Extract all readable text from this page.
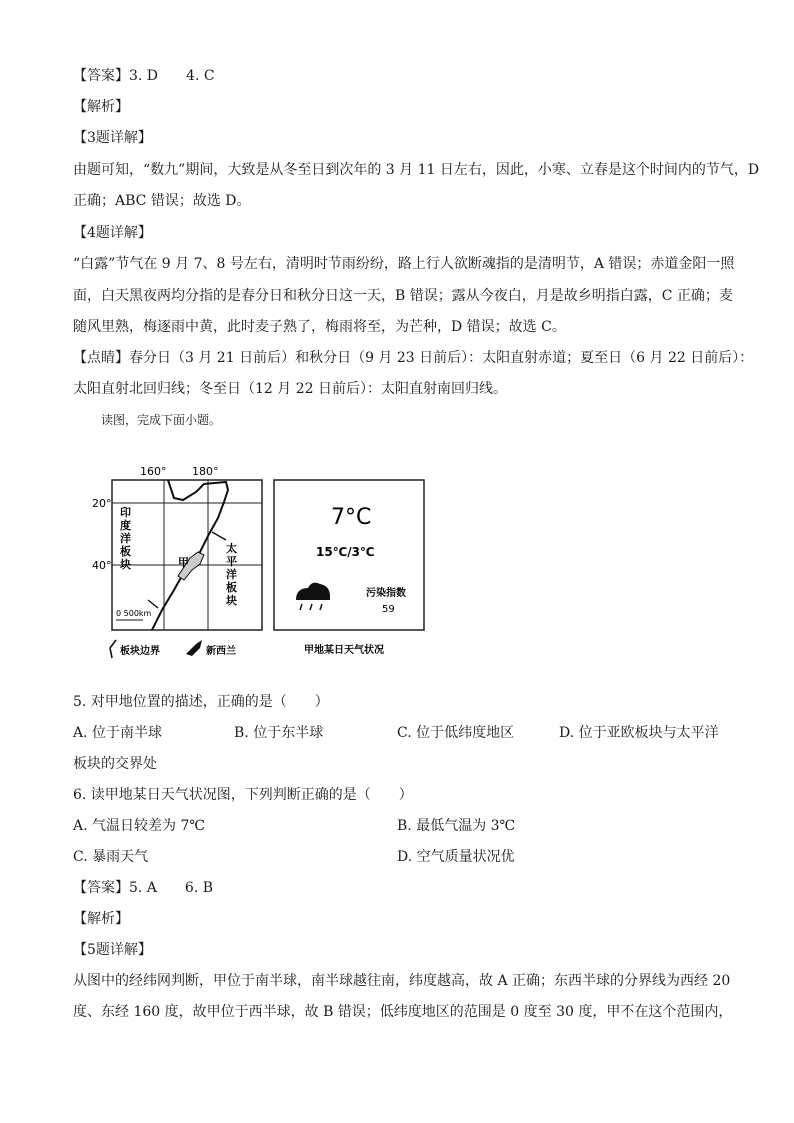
【答案】3. D　　4. C
【解析】
【3题详解】
由题可知，“数九”期间，大致是从冬至日到次年的 3 月 11 日左右，因此，小寒、立春是这个时间内的节气，D
正确；ABC 错误；故选 D。
【4题详解】
“白露”节气在 9 月 7、8 号左右，清明时节雨纷纷，路上行人欲断魂指的是清明节，A 错误；赤道金阳一照
面，白天黑夜两均分指的是春分日和秋分日这一天，B 错误；露从今夜白，月是故乡明指白露，C 正确；麦
随风里熟，梅逐雨中黄，此时麦子熟了，梅雨将至，为芒种，D 错误；故选 C。
【点睛】春分日（3 月 21 日前后）和秋分日（9 月 23 日前后）：太阳直射赤道；夏至日（6 月 22 日前后）：
太阳直射北回归线；冬至日（12 月 22 日前后）：太阳直射南回归线。
读图，完成下面小题。
160° 180°
20°
40°
印
度
洋
板
块
太
平
洋
板
块
甲
0 500km
板块边界	新西兰
7°C
15℃/3℃
污染指数
59
甲地某日天气状况
5. 对甲地位置的描述，正确的是（　　）
A. 位于南半球	B. 位于东半球	C. 位于低纬度地区	D. 位于亚欧板块与太平洋
板块的交界处
6. 读甲地某日天气状况图，下列判断正确的是（　　）
A. 气温日较差为 7℃	B. 最低气温为 3℃
C. 暴雨天气	D. 空气质量状况优
【答案】5. A　　6. B
【解析】
【5题详解】
从图中的经纬网判断，甲位于南半球，南半球越往南，纬度越高，故 A 正确；东西半球的分界线为西经 20
度、东经 160 度，故甲位于西半球，故 B 错误；低纬度地区的范围是 0 度至 30 度，甲不在这个范围内，
